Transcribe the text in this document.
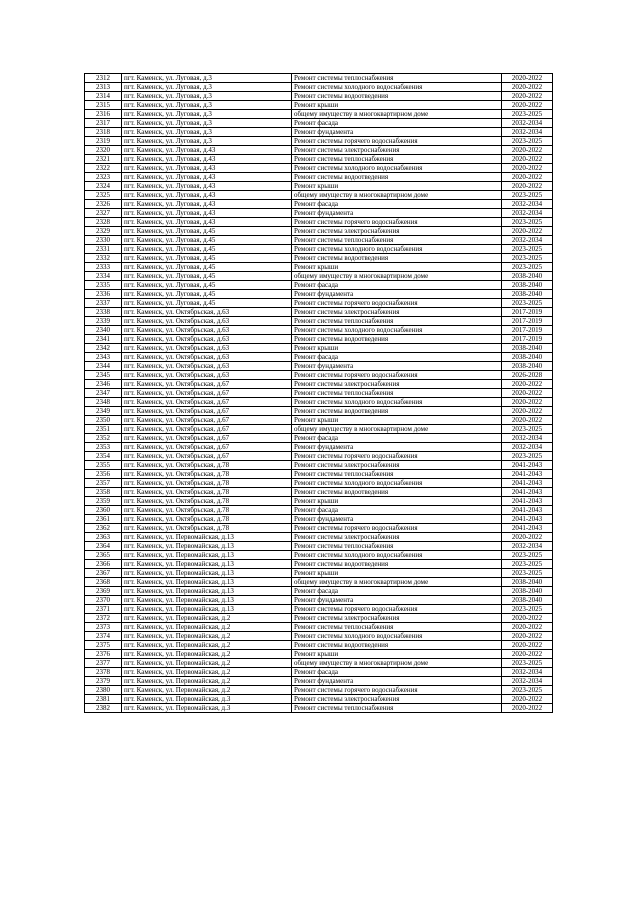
2312	пгт. Каменск, ул. Луговая, д.3	Ремонт системы теплоснабжения	2020-2022
2313	пгт. Каменск, ул. Луговая, д.3	Ремонт системы холодного водоснабжения	2020-2022
2314	пгт. Каменск, ул. Луговая, д.3	Ремонт системы водоотведения	2020-2022
2315	пгт. Каменск, ул. Луговая, д.3	Ремонт крыши	2020-2022
2316	пгт. Каменск, ул. Луговая, д.3	общему имуществу в многоквартирном доме	2023-2025
2317	пгт. Каменск, ул. Луговая, д.3	Ремонт фасада	2032-2034
2318	пгт. Каменск, ул. Луговая, д.3	Ремонт фундамента	2032-2034
2319	пгт. Каменск, ул. Луговая, д.3	Ремонт системы горячего водоснабжения	2023-2025
2320	пгт. Каменск, ул. Луговая, д.43	Ремонт системы электроснабжения	2020-2022
2321	пгт. Каменск, ул. Луговая, д.43	Ремонт системы теплоснабжения	2020-2022
2322	пгт. Каменск, ул. Луговая, д.43	Ремонт системы холодного водоснабжения	2020-2022
2323	пгт. Каменск, ул. Луговая, д.43	Ремонт системы водоотведения	2020-2022
2324	пгт. Каменск, ул. Луговая, д.43	Ремонт крыши	2020-2022
2325	пгт. Каменск, ул. Луговая, д.43	общему имуществу в многоквартирном доме	2023-2025
2326	пгт. Каменск, ул. Луговая, д.43	Ремонт фасада	2032-2034
2327	пгт. Каменск, ул. Луговая, д.43	Ремонт фундамента	2032-2034
2328	пгт. Каменск, ул. Луговая, д.43	Ремонт системы горячего водоснабжения	2023-2025
2329	пгт. Каменск, ул. Луговая, д.45	Ремонт системы электроснабжения	2020-2022
2330	пгт. Каменск, ул. Луговая, д.45	Ремонт системы теплоснабжения	2032-2034
2331	пгт. Каменск, ул. Луговая, д.45	Ремонт системы холодного водоснабжения	2023-2025
2332	пгт. Каменск, ул. Луговая, д.45	Ремонт системы водоотведения	2023-2025
2333	пгт. Каменск, ул. Луговая, д.45	Ремонт крыши	2023-2025
2334	пгт. Каменск, ул. Луговая, д.45	общему имуществу в многоквартирном доме	2038-2040
2335	пгт. Каменск, ул. Луговая, д.45	Ремонт фасада	2038-2040
2336	пгт. Каменск, ул. Луговая, д.45	Ремонт фундамента	2038-2040
2337	пгт. Каменск, ул. Луговая, д.45	Ремонт системы горячего водоснабжения	2023-2025
2338	пгт. Каменск, ул. Октябрьская, д.63	Ремонт системы электроснабжения	2017-2019
2339	пгт. Каменск, ул. Октябрьская, д.63	Ремонт системы теплоснабжения	2017-2019
2340	пгт. Каменск, ул. Октябрьская, д.63	Ремонт системы холодного водоснабжения	2017-2019
2341	пгт. Каменск, ул. Октябрьская, д.63	Ремонт системы водоотведения	2017-2019
2342	пгт. Каменск, ул. Октябрьская, д.63	Ремонт крыши	2038-2040
2343	пгт. Каменск, ул. Октябрьская, д.63	Ремонт фасада	2038-2040
2344	пгт. Каменск, ул. Октябрьская, д.63	Ремонт фундамента	2038-2040
2345	пгт. Каменск, ул. Октябрьская, д.63	Ремонт системы горячего водоснабжения	2026-2028
2346	пгт. Каменск, ул. Октябрьская, д.67	Ремонт системы электроснабжения	2020-2022
2347	пгт. Каменск, ул. Октябрьская, д.67	Ремонт системы теплоснабжения	2020-2022
2348	пгт. Каменск, ул. Октябрьская, д.67	Ремонт системы холодного водоснабжения	2020-2022
2349	пгт. Каменск, ул. Октябрьская, д.67	Ремонт системы водоотведения	2020-2022
2350	пгт. Каменск, ул. Октябрьская, д.67	Ремонт крыши	2020-2022
2351	пгт. Каменск, ул. Октябрьская, д.67	общему имуществу в многоквартирном доме	2023-2025
2352	пгт. Каменск, ул. Октябрьская, д.67	Ремонт фасада	2032-2034
2353	пгт. Каменск, ул. Октябрьская, д.67	Ремонт фундамента	2032-2034
2354	пгт. Каменск, ул. Октябрьская, д.67	Ремонт системы горячего водоснабжения	2023-2025
2355	пгт. Каменск, ул. Октябрьская, д.78	Ремонт системы электроснабжения	2041-2043
2356	пгт. Каменск, ул. Октябрьская, д.78	Ремонт системы теплоснабжения	2041-2043
2357	пгт. Каменск, ул. Октябрьская, д.78	Ремонт системы холодного водоснабжения	2041-2043
2358	пгт. Каменск, ул. Октябрьская, д.78	Ремонт системы водоотведения	2041-2043
2359	пгт. Каменск, ул. Октябрьская, д.78	Ремонт крыши	2041-2043
2360	пгт. Каменск, ул. Октябрьская, д.78	Ремонт фасада	2041-2043
2361	пгт. Каменск, ул. Октябрьская, д.78	Ремонт фундамента	2041-2043
2362	пгт. Каменск, ул. Октябрьская, д.78	Ремонт системы горячего водоснабжения	2041-2043
2363	пгт. Каменск, ул. Первомайская, д.13	Ремонт системы электроснабжения	2020-2022
2364	пгт. Каменск, ул. Первомайская, д.13	Ремонт системы теплоснабжения	2032-2034
2365	пгт. Каменск, ул. Первомайская, д.13	Ремонт системы холодного водоснабжения	2023-2025
2366	пгт. Каменск, ул. Первомайская, д.13	Ремонт системы водоотведения	2023-2025
2367	пгт. Каменск, ул. Первомайская, д.13	Ремонт крыши	2023-2025
2368	пгт. Каменск, ул. Первомайская, д.13	общему имуществу в многоквартирном доме	2038-2040
2369	пгт. Каменск, ул. Первомайская, д.13	Ремонт фасада	2038-2040
2370	пгт. Каменск, ул. Первомайская, д.13	Ремонт фундамента	2038-2040
2371	пгт. Каменск, ул. Первомайская, д.13	Ремонт системы горячего водоснабжения	2023-2025
2372	пгт. Каменск, ул. Первомайская, д.2	Ремонт системы электроснабжения	2020-2022
2373	пгт. Каменск, ул. Первомайская, д.2	Ремонт системы теплоснабжения	2020-2022
2374	пгт. Каменск, ул. Первомайская, д.2	Ремонт системы холодного водоснабжения	2020-2022
2375	пгт. Каменск, ул. Первомайская, д.2	Ремонт системы водоотведения	2020-2022
2376	пгт. Каменск, ул. Первомайская, д.2	Ремонт крыши	2020-2022
2377	пгт. Каменск, ул. Первомайская, д.2	общему имуществу в многоквартирном доме	2023-2025
2378	пгт. Каменск, ул. Первомайская, д.2	Ремонт фасада	2032-2034
2379	пгт. Каменск, ул. Первомайская, д.2	Ремонт фундамента	2032-2034
2380	пгт. Каменск, ул. Первомайская, д.2	Ремонт системы горячего водоснабжения	2023-2025
2381	пгт. Каменск, ул. Первомайская, д.3	Ремонт системы электроснабжения	2020-2022
2382	пгт. Каменск, ул. Первомайская, д.3	Ремонт системы теплоснабжения	2020-2022
